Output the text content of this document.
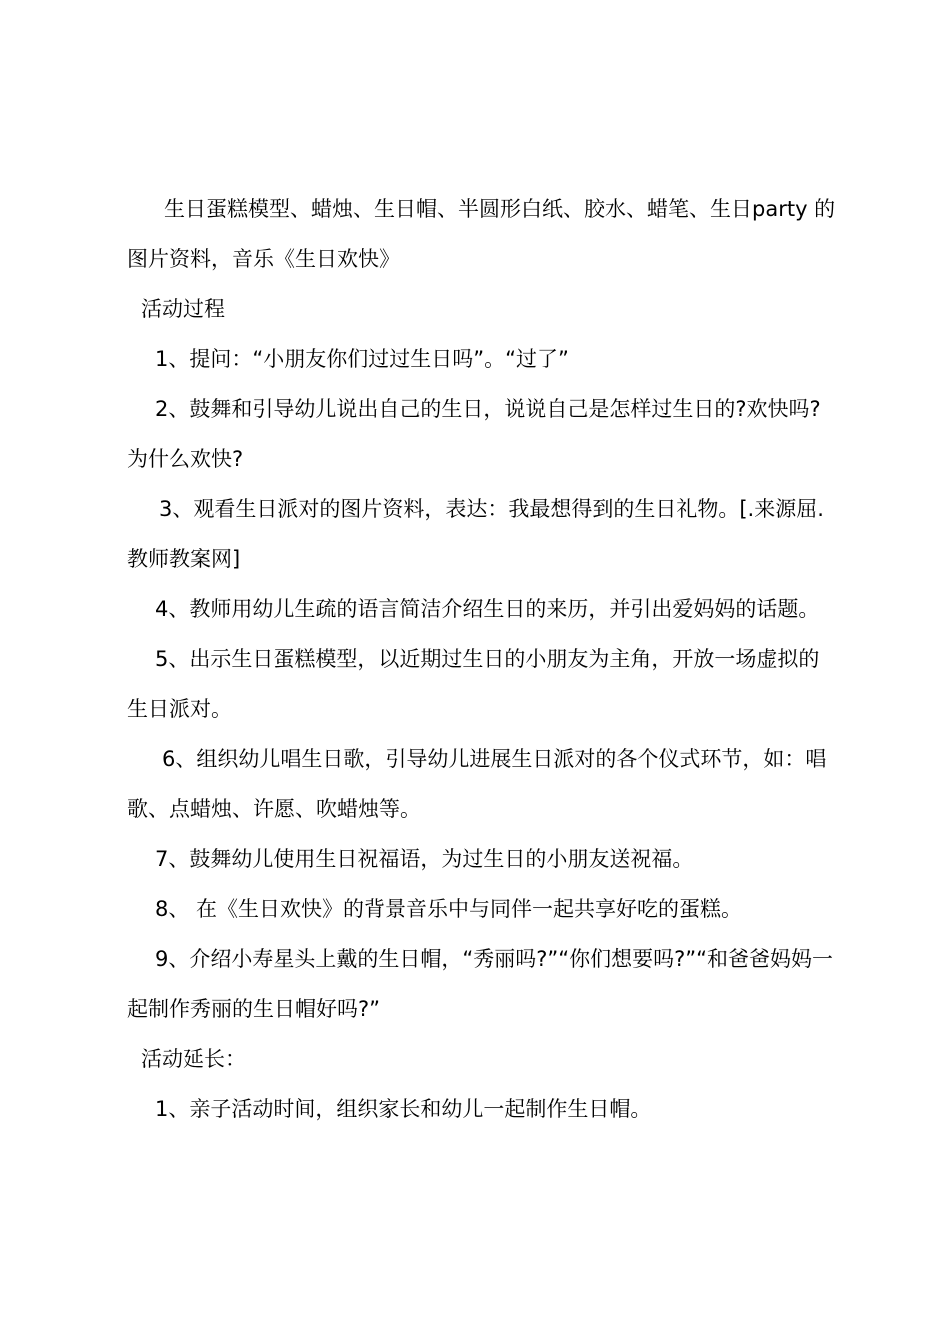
生日蛋糕模型、蜡烛、生日帽、半圆形白纸、胶水、蜡笔、生日party 的图片资料，音乐《生日欢快》

活动过程

1、提问：“小朋友你们过过生日吗”。“过了”

2、鼓舞和引导幼儿说出自己的生日，说说自己是怎样过生日的?欢快吗?为什么欢快?

3、观看生日派对的图片资料，表达：我最想得到的生日礼物。[.来源屈.教师教案网]

4、教师用幼儿生疏的语言简洁介绍生日的来历，并引出爱妈妈的话题。

5、出示生日蛋糕模型，以近期过生日的小朋友为主角，开放一场虚拟的生日派对。

6、组织幼儿唱生日歌，引导幼儿进展生日派对的各个仪式环节，如：唱歌、点蜡烛、许愿、吹蜡烛等。

7、鼓舞幼儿使用生日祝福语，为过生日的小朋友送祝福。

8、 在《生日欢快》的背景音乐中与同伴一起共享好吃的蛋糕。

9、介绍小寿星头上戴的生日帽，“秀丽吗?”“你们想要吗?”“和爸爸妈妈一起制作秀丽的生日帽好吗?”

活动延长：

1、亲子活动时间，组织家长和幼儿一起制作生日帽。
